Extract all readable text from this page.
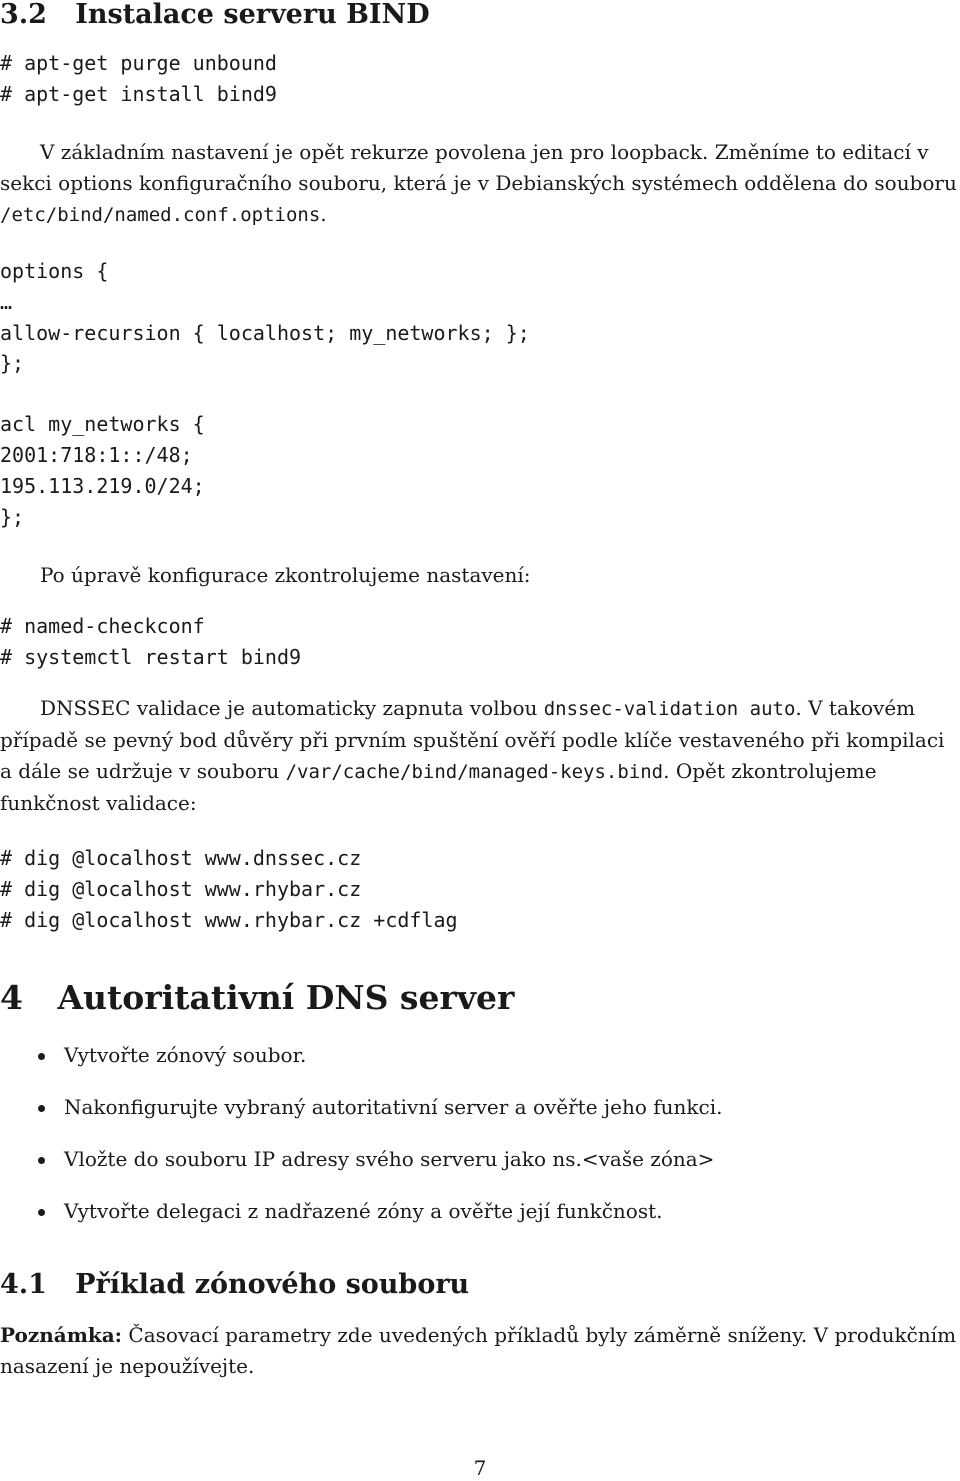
3.2 Instalace serveru BIND
# apt-get purge unbound
# apt-get install bind9
V základním nastavení je opět rekurze povolena jen pro loopback. Změníme to editací v sekci options konfiguračního souboru, která je v Debianských systémech oddělena do souboru /etc/bind/named.conf.options.
options {
…
allow-recursion { localhost; my_networks; };
};
acl my_networks {
2001:718:1::/48;
195.113.219.0/24;
};
Po úpravě konfigurace zkontrolujeme nastavení:
# named-checkconf
# systemctl restart bind9
DNSSEC validace je automaticky zapnuta volbou dnssec-validation auto. V takovém případě se pevný bod důvěry při prvním spuštění ověří podle klíče vestaveného při kompilaci a dále se udržuje v souboru /var/cache/bind/managed-keys.bind. Opět zkontrolujeme funkčnost validace:
# dig @localhost www.dnssec.cz
# dig @localhost www.rhybar.cz
# dig @localhost www.rhybar.cz +cdflag
4 Autoritativní DNS server
Vytvořte zónový soubor.
Nakonfigurujte vybraný autoritativní server a ověřte jeho funkci.
Vložte do souboru IP adresy svého serveru jako ns.<vaše zóna>
Vytvořte delegaci z nadřazené zóny a ověřte její funkčnost.
4.1 Příklad zónového souboru
Poznámka: Časovací parametry zde uvedených příkladů byly záměrně sníženy. V produkčním nasazení je nepoužívejte.
7
